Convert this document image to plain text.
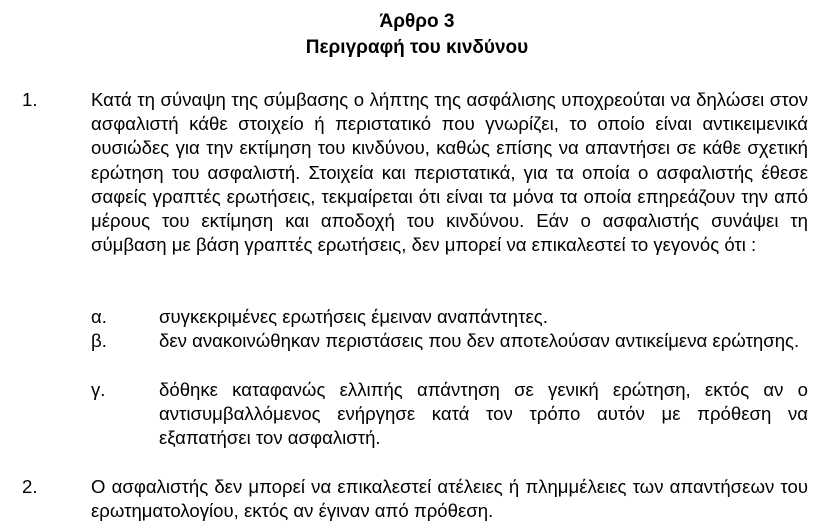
Άρθρο 3
Περιγραφή του κινδύνου
1.	Κατά τη σύναψη της σύμβασης ο λήπτης της ασφάλισης υποχρεούται να δηλώσει στον ασφαλιστή κάθε στοιχείο ή περιστατικό που γνωρίζει, το οποίο είναι αντικειμενικά ουσιώδες για την εκτίμηση του κινδύνου, καθώς επίσης να απαντήσει σε κάθε σχετική ερώτηση του ασφαλιστή. Στοιχεία και περιστατικά, για τα οποία ο ασφαλιστής έθεσε σαφείς γραπτές ερωτήσεις, τεκμαίρεται ότι είναι τα μόνα τα οποία επηρεάζουν την από μέρους του εκτίμηση και αποδοχή του κινδύνου. Εάν ο ασφαλιστής συνάψει τη σύμβαση με βάση γραπτές ερωτήσεις, δεν μπορεί να επικαλεστεί το γεγονός ότι :
α.	συγκεκριμένες ερωτήσεις έμειναν αναπάντητες.
β.	δεν ανακοινώθηκαν περιστάσεις που δεν αποτελούσαν αντικείμενα ερώτησης.
γ.	δόθηκε καταφανώς ελλιπής απάντηση σε γενική ερώτηση, εκτός αν ο αντισυμβαλλόμενος ενήργησε κατά τον τρόπο αυτόν με πρόθεση να εξαπατήσει τον ασφαλιστή.
2.	Ο ασφαλιστής δεν μπορεί να επικαλεστεί ατέλειες ή πλημμέλειες των απαντήσεων του ερωτηματολογίου, εκτός αν έγιναν από πρόθεση.
